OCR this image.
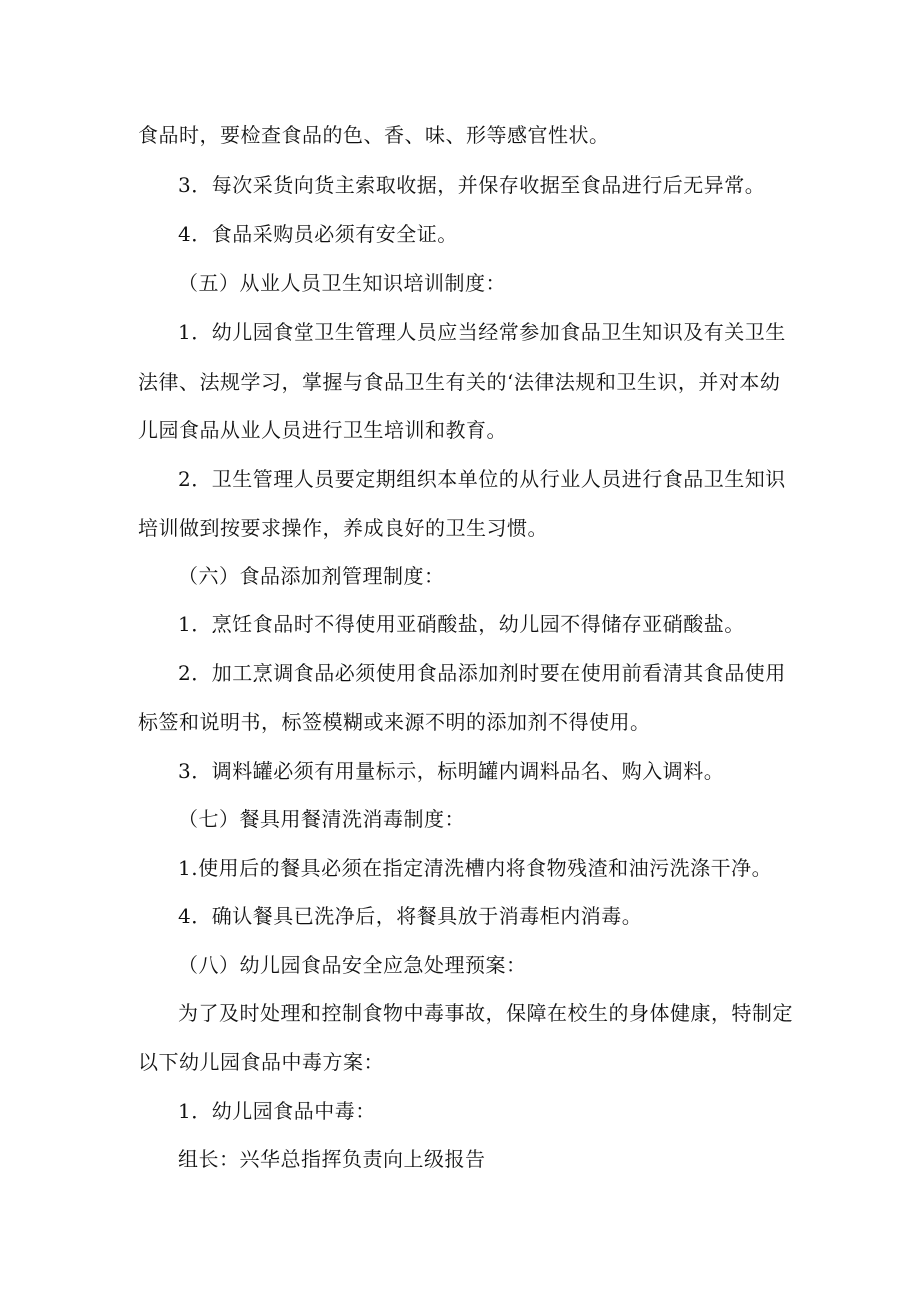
食品时，要检查食品的色、香、味、形等感官性状。
3．每次采货向货主索取收据，并保存收据至食品进行后无异常。
4．食品采购员必须有安全证。
（五）从业人员卫生知识培训制度：
1．幼儿园食堂卫生管理人员应当经常参加食品卫生知识及有关卫生
法律、法规学习，掌握与食品卫生有关的‘法律法规和卫生识，并对本幼
儿园食品从业人员进行卫生培训和教育。
2．卫生管理人员要定期组织本单位的从行业人员进行食品卫生知识
培训做到按要求操作，养成良好的卫生习惯。
（六）食品添加剂管理制度：
1．烹饪食品时不得使用亚硝酸盐，幼儿园不得储存亚硝酸盐。
2．加工烹调食品必须使用食品添加剂时要在使用前看清其食品使用
标签和说明书，标签模糊或来源不明的添加剂不得使用。
3．调料罐必须有用量标示，标明罐内调料品名、购入调料。
（七）餐具用餐清洗消毒制度：
1.使用后的餐具必须在指定清洗槽内将食物残渣和油污洗涤干净。
4．确认餐具已洗净后，将餐具放于消毒柜内消毒。
（八）幼儿园食品安全应急处理预案：
为了及时处理和控制食物中毒事故，保障在校生的身体健康，特制定
以下幼儿园食品中毒方案：
1．幼儿园食品中毒：
组长：兴华总指挥负责向上级报告
